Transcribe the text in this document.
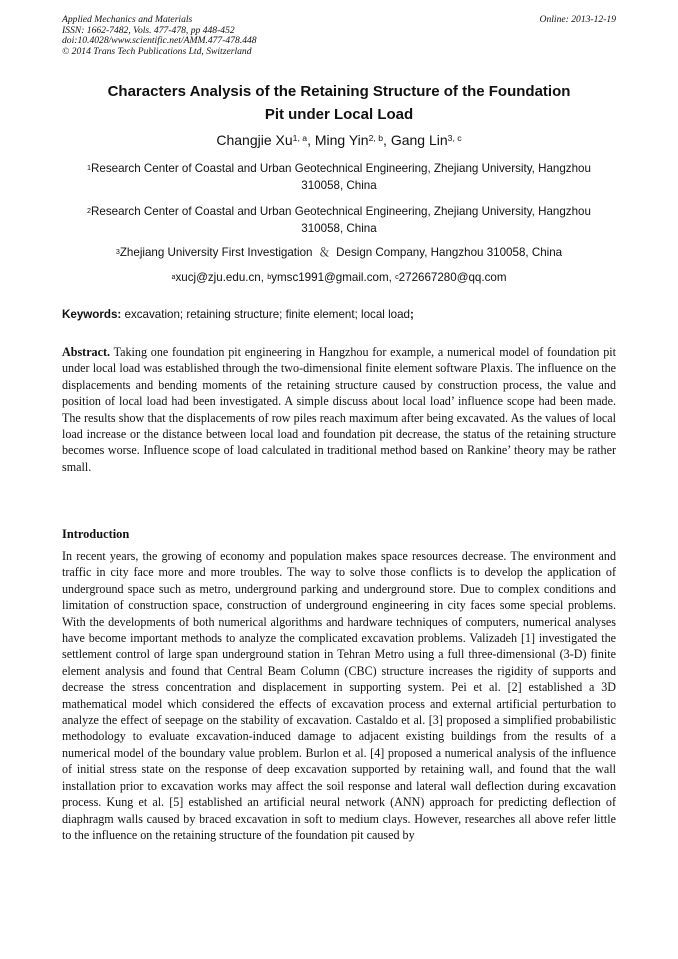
Applied Mechanics and Materials
ISSN: 1662-7482, Vols. 477-478, pp 448-452
doi:10.4028/www.scientific.net/AMM.477-478.448
© 2014 Trans Tech Publications Ltd, Switzerland
Online: 2013-12-19
Characters Analysis of the Retaining Structure of the Foundation
Pit under Local Load
Changjie Xu$^{1, a}$, Ming Yin$^{2, b}$, Gang Lin$^{3, c}$
$^1$Research Center of Coastal and Urban Geotechnical Engineering, Zhejiang University, Hangzhou
310058, China
$^2$Research Center of Coastal and Urban Geotechnical Engineering, Zhejiang University, Hangzhou
310058, China
$^3$Zhejiang University First Investigation ＆ Design Company, Hangzhou 310058, China
$^a$xucj@zju.edu.cn, $^b$ymsc1991@gmail.com, $^c$272667280@qq.com
Keywords: excavation; retaining structure; finite element; local load;
Abstract. Taking one foundation pit engineering in Hangzhou for example, a numerical model of foundation pit under local load was established through the two-dimensional finite element software Plaxis. The influence on the displacements and bending moments of the retaining structure caused by construction process, the value and position of local load had been investigated. A simple discuss about local load’ influence scope had been made. The results show that the displacements of row piles reach maximum after being excavated. As the values of local load increase or the distance between local load and foundation pit decrease, the status of the retaining structure becomes worse. Influence scope of load calculated in traditional method based on Rankine’ theory may be rather small.
Introduction
In recent years, the growing of economy and population makes space resources decrease. The environment and traffic in city face more and more troubles. The way to solve those conflicts is to develop the application of underground space such as metro, underground parking and underground store. Due to complex conditions and limitation of construction space, construction of underground engineering in city faces some special problems. With the developments of both numerical algorithms and hardware techniques of computers, numerical analyses have become important methods to analyze the complicated excavation problems. Valizadeh [1] investigated the settlement control of large span underground station in Tehran Metro using a full three-dimensional (3-D) finite element analysis and found that Central Beam Column (CBC) structure increases the rigidity of supports and decrease the stress concentration and displacement in supporting system. Pei et al. [2] established a 3D mathematical model which considered the effects of excavation process and external artificial perturbation to analyze the effect of seepage on the stability of excavation. Castaldo et al. [3] proposed a simplified probabilistic methodology to evaluate excavation-induced damage to adjacent existing buildings from the results of a numerical model of the boundary value problem. Burlon et al. [4] proposed a numerical analysis of the influence of initial stress state on the response of deep excavation supported by retaining wall, and found that the wall installation prior to excavation works may affect the soil response and lateral wall deflection during excavation process. Kung et al. [5] established an artificial neural network (ANN) approach for predicting deflection of diaphragm walls caused by braced excavation in soft to medium clays. However, researches all above refer little to the influence on the retaining structure of the foundation pit caused by
